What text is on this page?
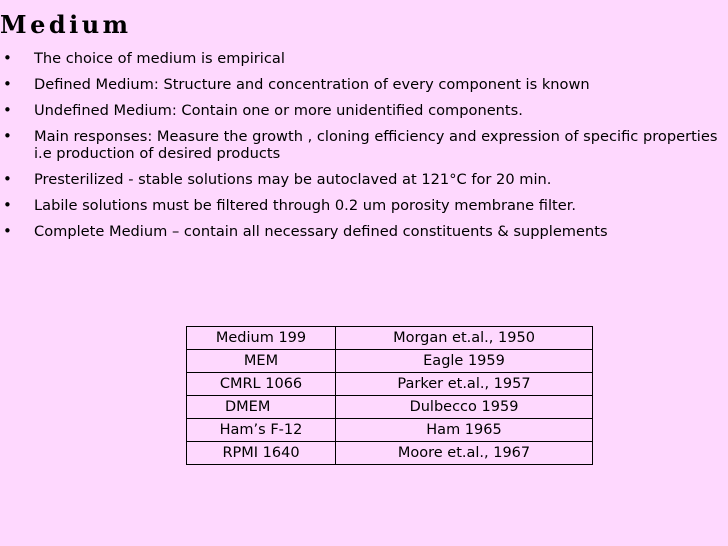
Medium
• The choice of medium is empirical
• Defined Medium: Structure and concentration of every component is known
• Undefined Medium: Contain one or more unidentified components.
• Main responses: Measure the growth , cloning efficiency and expression of specific properties i.e production of desired products
• Presterilized - stable solutions may be autoclaved at 121°C for 20 min.
• Labile solutions must be filtered through 0.2 um porosity membrane filter.
• Complete Medium – contain all necessary defined constituents & supplements
Medium 199	Morgan et.al., 1950
MEM	Eagle 1959
CMRL 1066	Parker et.al., 1957
DMEM	Dulbecco 1959
Ham’s F-12	Ham 1965
RPMI 1640	Moore et.al., 1967
